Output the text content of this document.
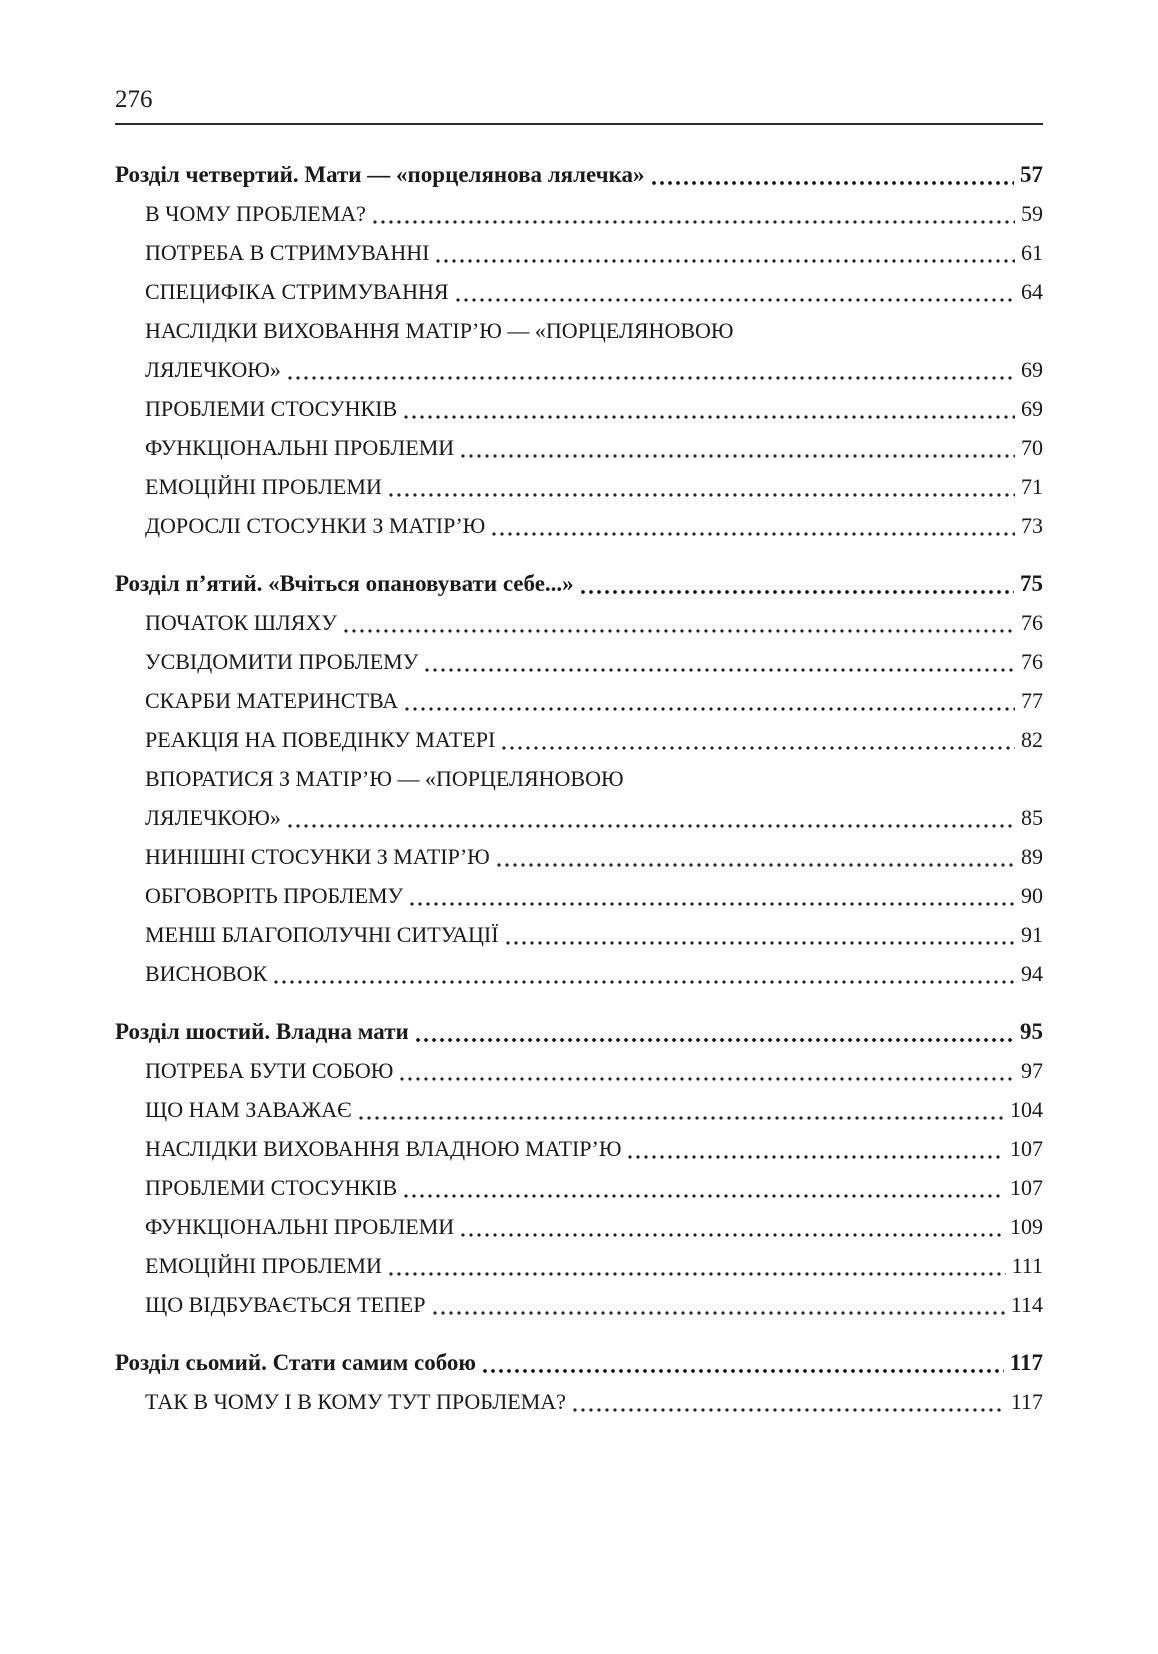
276
Розділ четвертий. Мати — «порцелянова лялечка»	57
В ЧОМУ ПРОБЛЕМА?	59
ПОТРЕБА В СТРИМУВАННІ	61
СПЕЦИФІКА СТРИМУВАННЯ	64
НАСЛІДКИ ВИХОВАННЯ МАТІР’Ю — «ПОРЦЕЛЯНОВОЮ
ЛЯЛЕЧКОЮ»	69
ПРОБЛЕМИ СТОСУНКІВ	69
ФУНКЦІОНАЛЬНІ ПРОБЛЕМИ	70
ЕМОЦІЙНІ ПРОБЛЕМИ	71
ДОРОСЛІ СТОСУНКИ З МАТІР’Ю	73
Розділ п’ятий. «Вчіться опановувати себе...»	75
ПОЧАТОК ШЛЯХУ	76
УСВІДОМИТИ ПРОБЛЕМУ	76
СКАРБИ МАТЕРИНСТВА	77
РЕАКЦІЯ НА ПОВЕДІНКУ МАТЕРІ	82
ВПОРАТИСЯ З МАТІР’Ю — «ПОРЦЕЛЯНОВОЮ
ЛЯЛЕЧКОЮ»	85
НИНІШНІ СТОСУНКИ З МАТІР’Ю	89
ОБГОВОРІТЬ ПРОБЛЕМУ	90
МЕНШ БЛАГОПОЛУЧНІ СИТУАЦІЇ	91
ВИСНОВОК	94
Розділ шостий. Владна мати	95
ПОТРЕБА БУТИ СОБОЮ	97
ЩО НАМ ЗАВАЖАЄ	104
НАСЛІДКИ ВИХОВАННЯ ВЛАДНОЮ МАТІР’Ю	107
ПРОБЛЕМИ СТОСУНКІВ	107
ФУНКЦІОНАЛЬНІ ПРОБЛЕМИ	109
ЕМОЦІЙНІ ПРОБЛЕМИ	111
ЩО ВІДБУВАЄТЬСЯ ТЕПЕР	114
Розділ сьомий. Стати самим собою	117
ТАК В ЧОМУ І В КОМУ ТУТ ПРОБЛЕМА?	117
